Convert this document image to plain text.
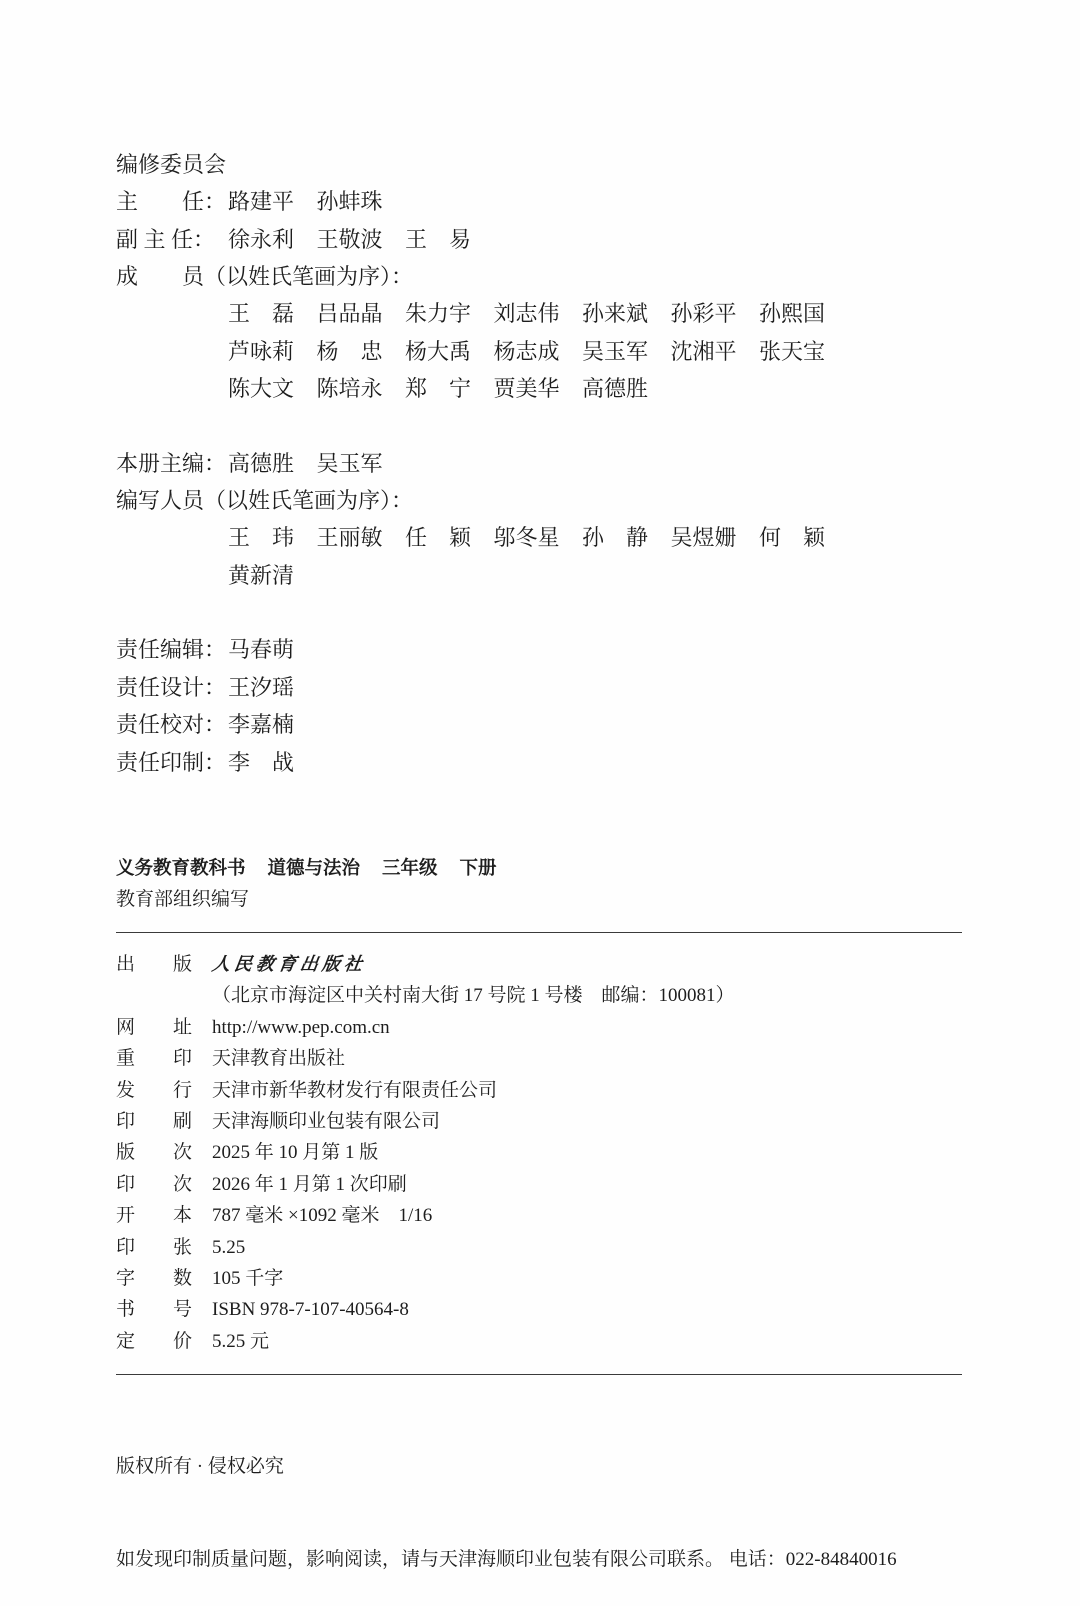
编修委员会
主　　任： 路建平	孙蚌珠
副 主 任： 徐永利	王敬波	王　易
成　　员（以姓氏笔画为序）：
王　磊	吕品晶	朱力宇	刘志伟	孙来斌	孙彩平	孙熙国
芦咏莉	杨　忠	杨大禹	杨志成	吴玉军	沈湘平	张天宝
陈大文	陈培永	郑　宁	贾美华	高德胜
本册主编： 高德胜	吴玉军
编写人员（以姓氏笔画为序）：
王　玮	王丽敏	任　颖	邬冬星	孙　静	吴煜姗	何　颖
黄新清
责任编辑： 马春萌
责任设计： 王汐瑶
责任校对： 李嘉楠
责任印制： 李　战
义务教育教科书 道德与法治 三年级 下册
教育部组织编写
出　　版	人民教育出版社
（北京市海淀区中关村南大街 17 号院 1 号楼　邮编：100081）
网　　址	http://www.pep.com.cn
重　　印	天津教育出版社
发　　行	天津市新华教材发行有限责任公司
印　　刷	天津海顺印业包装有限公司
版　　次	2025 年 10 月第 1 版
印　　次	2026 年 1 月第 1 次印刷
开　　本	787 毫米 ×1092 毫米　1/16
印　　张	5.25
字　　数	105 千字
书　　号	ISBN 978-7-107-40564-8
定　　价	5.25 元

版权所有 · 侵权必究

如发现印制质量问题，影响阅读，请与天津海顺印业包装有限公司联系。 电话：022-84840016
